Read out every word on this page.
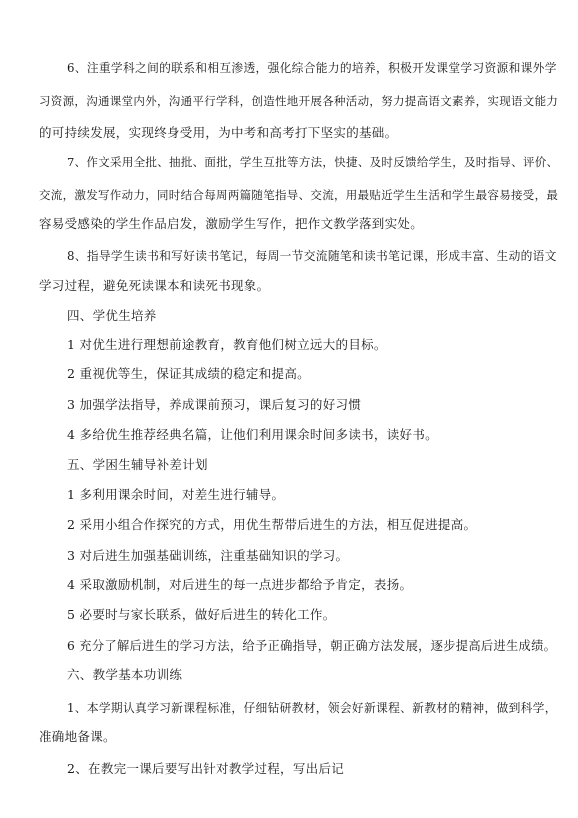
6、注重学科之间的联系和相互渗透，强化综合能力的培养，积极开发课堂学习资源和课外学
习资源，沟通课堂内外，沟通平行学科，创造性地开展各种活动，努力提高语文素养，实现语文能力
的可持续发展，实现终身受用，为中考和高考打下坚实的基础。
7、作文采用全批、抽批、面批，学生互批等方法，快捷、及时反馈给学生，及时指导、评价、
交流，激发写作动力，同时结合每周两篇随笔指导、交流，用最贴近学生生活和学生最容易接受，最
容易受感染的学生作品启发，激励学生写作，把作文教学落到实处。
8、指导学生读书和写好读书笔记，每周一节交流随笔和读书笔记课，形成丰富、生动的语文
学习过程，避免死读课本和读死书现象。
四、学优生培养
1 对优生进行理想前途教育，教育他们树立远大的目标。
2 重视优等生，保证其成绩的稳定和提高。
3 加强学法指导，养成课前预习，课后复习的好习惯
4 多给优生推荐经典名篇，让他们利用课余时间多读书，读好书。
五、学困生辅导补差计划
1 多利用课余时间，对差生进行辅导。
2 采用小组合作探究的方式，用优生帮带后进生的方法，相互促进提高。
3 对后进生加强基础训练，注重基础知识的学习。
4 采取激励机制，对后进生的每一点进步都给予肯定，表扬。
5 必要时与家长联系，做好后进生的转化工作。
6 充分了解后进生的学习方法，给予正确指导，朝正确方法发展，逐步提高后进生成绩。
六、教学基本功训练
1、本学期认真学习新课程标准，仔细钻研教材，领会好新课程、新教材的精神，做到科学，
准确地备课。
2、在教完一课后要写出针对教学过程，写出后记
